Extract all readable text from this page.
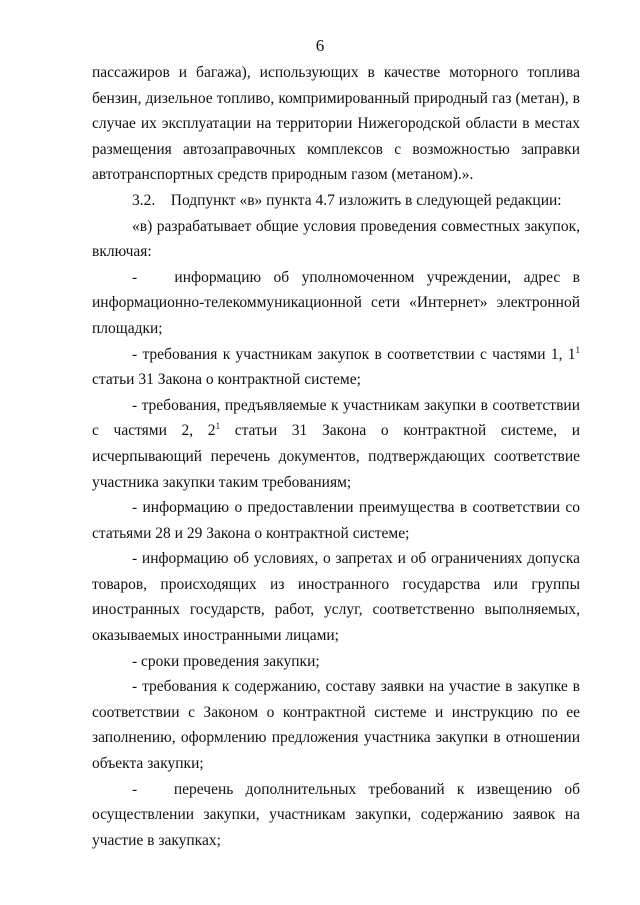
6

пассажиров и багажа), использующих в качестве моторного топлива бензин, дизельное топливо, компримированный природный газ (метан), в случае их эксплуатации на территории Нижегородской области в местах размещения автозаправочных комплексов с возможностью заправки автотранспортных средств природным газом (метаном).».

3.2.    Подпункт «в» пункта 4.7 изложить в следующей редакции:

«в) разрабатывает общие условия проведения совместных закупок, включая:

-   информацию об уполномоченном учреждении, адрес в информационно-телекоммуникационной сети «Интернет» электронной площадки;

- требования к участникам закупок в соответствии с частями 1, $1^1$ статьи 31 Закона о контрактной системе;

- требования, предъявляемые к участникам закупки в соответствии с частями 2, $2^1$ статьи 31 Закона о контрактной системе, и исчерпывающий перечень документов, подтверждающих соответствие участника закупки таким требованиям;

- информацию о предоставлении преимущества в соответствии со статьями 28 и 29 Закона о контрактной системе;

- информацию об условиях, о запретах и об ограничениях допуска товаров, происходящих из иностранного государства или группы иностранных государств, работ, услуг, соответственно выполняемых, оказываемых иностранными лицами;

- сроки проведения закупки;

- требования к содержанию, составу заявки на участие в закупке в соответствии с Законом о контрактной системе и инструкцию по ее заполнению, оформлению предложения участника закупки в отношении объекта закупки;

-   перечень дополнительных требований к извещению об осуществлении закупки, участникам закупки, содержанию заявок на участие в закупках;
